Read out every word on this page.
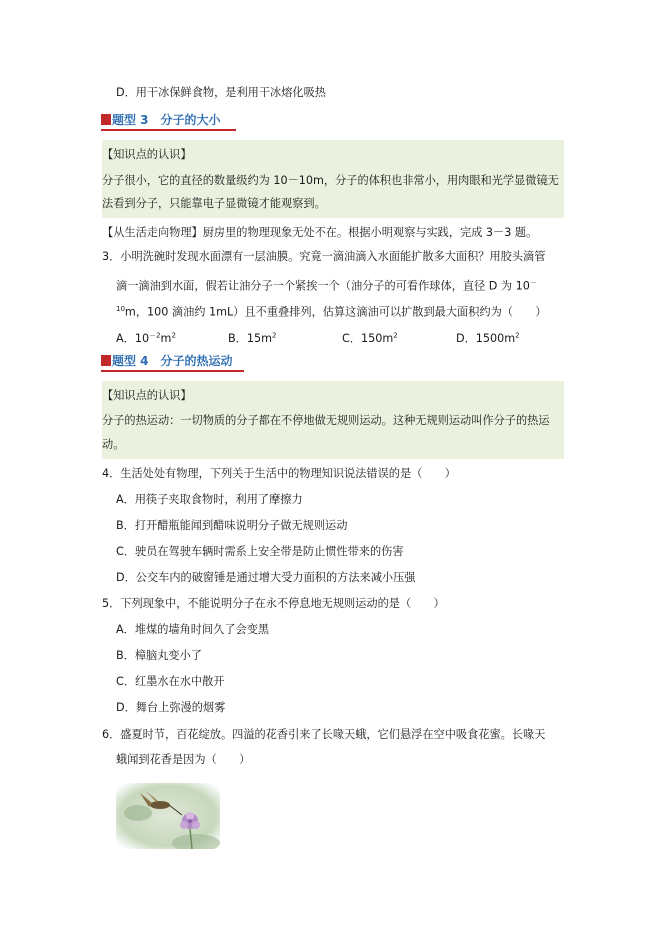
D．用干冰保鲜食物，是利用干冰熔化吸热
题型 3　分子的大小
【知识点的认识】
分子很小，它的直径的数量级约为 10－10m，分子的体积也非常小，用肉眼和光学显微镜无
法看到分子，只能靠电子显微镜才能观察到。
【从生活走向物理】厨房里的物理现象无处不在。根据小明观察与实践，完成 3－3 题。
3．小明洗碗时发现水面漂有一层油膜。究竟一滴油滴入水面能扩散多大面积？用胶头滴管
滴一滴油到水面，假若让油分子一个紧挨一个（油分子的可看作球体，直径 D 为 10－
$^{10}$m，100 滴油约 1mL）且不重叠排列，估算这滴油可以扩散到最大面积约为（　　）
A．$10^{-2}m^2$	B．$15m^2$	C．$150m^2$	D．$1500m^2$
题型 4　分子的热运动
【知识点的认识】
分子的热运动：一切物质的分子都在不停地做无规则运动。这种无规则运动叫作分子的热运
动。
4．生活处处有物理，下列关于生活中的物理知识说法错误的是（　　）
A．用筷子夹取食物时，利用了摩擦力
B．打开醋瓶能闻到醋味说明分子做无规则运动
C．驶员在驾驶车辆时需系上安全带是防止惯性带来的伤害
D．公交车内的破窗锤是通过增大受力面积的方法来减小压强
5．下列现象中，不能说明分子在永不停息地无规则运动的是（　　）
A．堆煤的墙角时间久了会变黑
B．樟脑丸变小了
C．红墨水在水中散开
D．舞台上弥漫的烟雾
6．盛夏时节，百花绽放。四溢的花香引来了长喙天蛾，它们悬浮在空中吸食花蜜。长喙天
蛾闻到花香是因为（　　）
